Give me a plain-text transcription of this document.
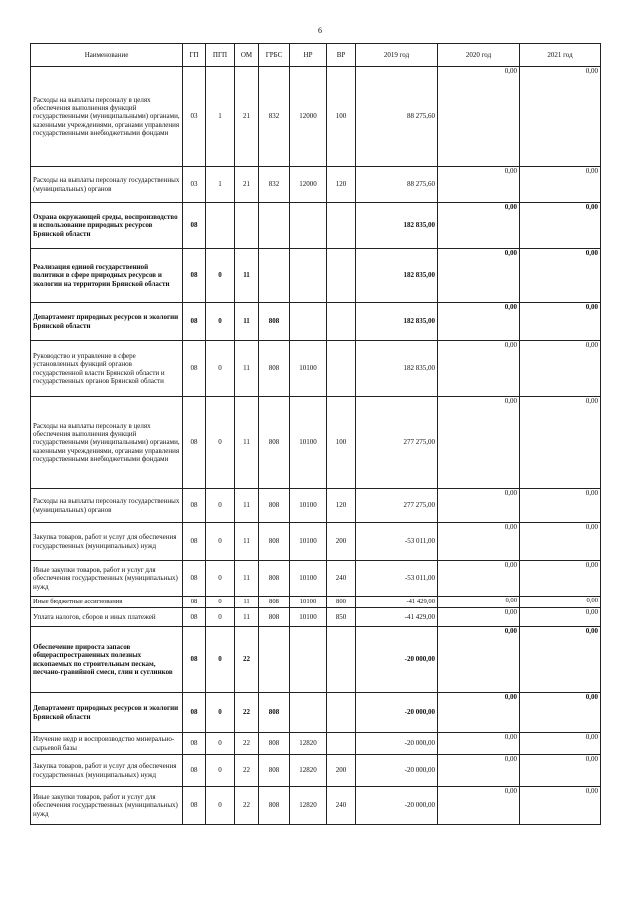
6
Наименование	ГП	ПГП	ОМ	ГРБС	НР	ВР	2019 год	2020 год	2021 год
Расходы на выплаты персоналу в целях обеспечения выполнения функций государственными (муниципальными) органами, казенными учреждениями, органами управления государственными внебюджетными фондами	03	1	21	832	12000	100	88 275,60	0,00	0,00
Расходы на выплаты персоналу государственных (муниципальных) органов	03	1	21	832	12000	120	88 275,60	0,00	0,00
Охрана окружающей среды, воспроизводство и использование природных ресурсов Брянской области	08						182 835,00	0,00	0,00
Реализация единой государственной политики в сфере природных ресурсов и экологии на территории Брянской области	08	0	11				182 835,00	0,00	0,00
Департамент природных ресурсов и экологии Брянской области	08	0	11	808			182 835,00	0,00	0,00
Руководство и управление в сфере установленных функций органов государственной власти Брянской области и государственных органов Брянской области	08	0	11	808	10100		182 835,00	0,00	0,00
Расходы на выплаты персоналу в целях обеспечения выполнения функций государственными (муниципальными) органами, казенными учреждениями, органами управления государственными внебюджетными фондами	08	0	11	808	10100	100	277 275,00	0,00	0,00
Расходы на выплаты персоналу государственных (муниципальных) органов	08	0	11	808	10100	120	277 275,00	0,00	0,00
Закупка товаров, работ и услуг для обеспечения государственных (муниципальных) нужд	08	0	11	808	10100	200	-53 011,00	0,00	0,00
Иные закупки товаров, работ и услуг для обеспечения государственных (муниципальных) нужд	08	0	11	808	10100	240	-53 011,00	0,00	0,00
Иные бюджетные ассигнования	08	0	11	808	10100	800	-41 429,00	0,00	0,00
Уплата налогов, сборов и иных платежей	08	0	11	808	10100	850	-41 429,00	0,00	0,00
Обеспечение прироста запасов общераспространенных полезных ископаемых по строительным пескам, песчано-гравийной смеси, глин и суглинков	08	0	22				-20 000,00	0,00	0,00
Департамент природных ресурсов и экологии Брянской области	08	0	22	808			-20 000,00	0,00	0,00
Изучение недр и воспроизводство минерально-сырьевой базы	08	0	22	808	12820		-20 000,00	0,00	0,00
Закупка товаров, работ и услуг для обеспечения государственных (муниципальных) нужд	08	0	22	808	12820	200	-20 000,00	0,00	0,00
Иные закупки товаров, работ и услуг для обеспечения государственных (муниципальных) нужд	08	0	22	808	12820	240	-20 000,00	0,00	0,00
